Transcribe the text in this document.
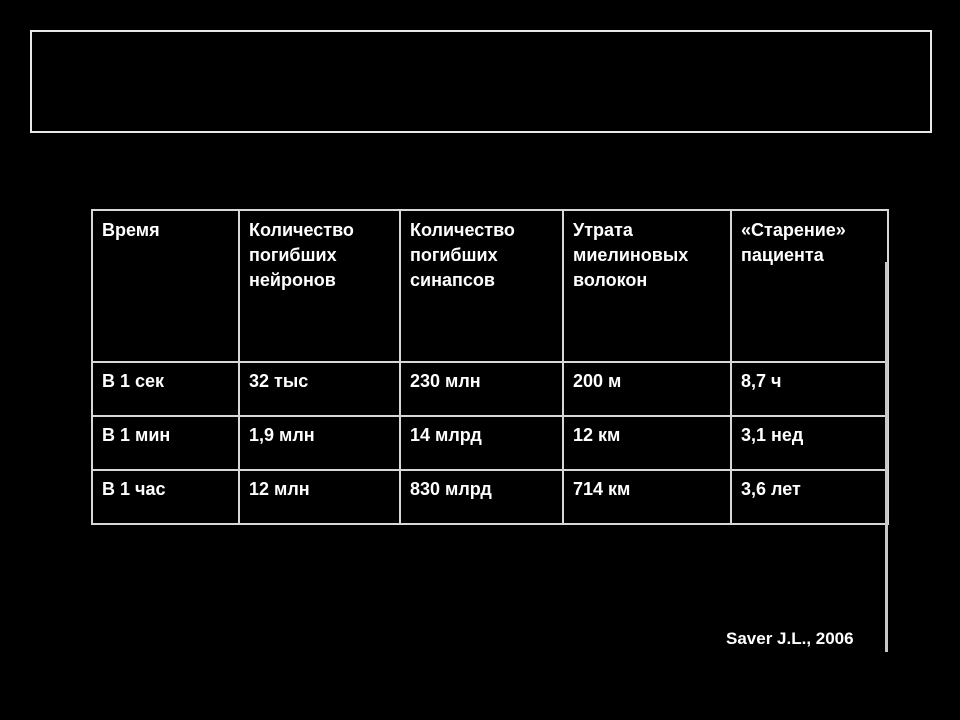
Время	Количество погибших нейронов	Количество погибших синапсов	Утрата миелиновых волокон	«Старение» пациента
В 1 сек	32 тыс	230 млн	200 м	8,7 ч
В 1 мин	1,9 млн	14 млрд	12 км	3,1 нед
В 1 час	12 млн	830 млрд	714 км	3,6 лет
Saver J.L., 2006
